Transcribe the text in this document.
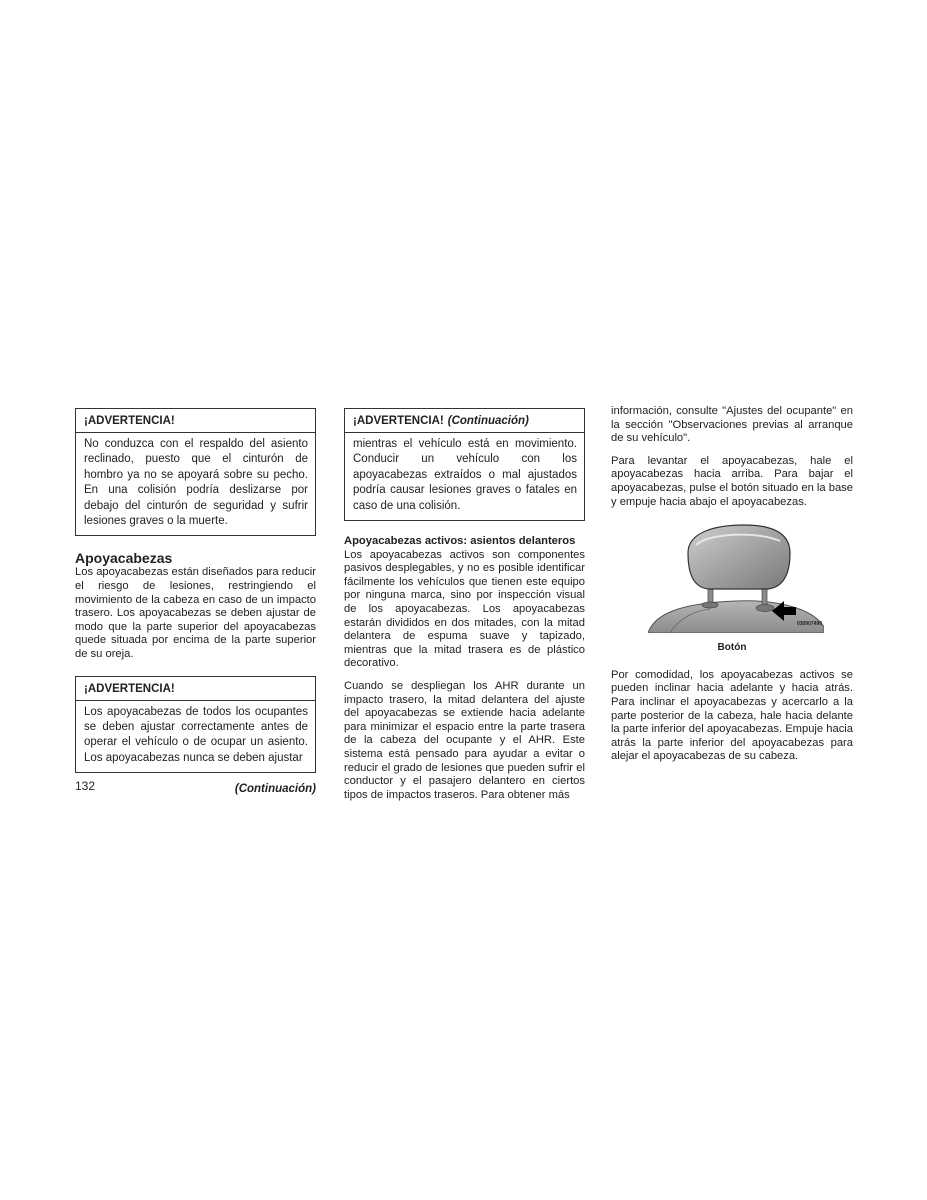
¡ADVERTENCIA!
No conduzca con el respaldo del asiento reclinado, puesto que el cinturón de hombro ya no se apoyará sobre su pecho. En una colisión podría deslizarse por debajo del cinturón de seguridad y sufrir lesiones graves o la muerte.
Apoyacabezas

Los apoyacabezas están diseñados para reducir el riesgo de lesiones, restringiendo el movimiento de la cabeza en caso de un impacto trasero. Los apoyacabezas se deben ajustar de modo que la parte superior del apoyacabezas quede situada por encima de la parte superior de su oreja.

¡ADVERTENCIA!
Los apoyacabezas de todos los ocupantes se deben ajustar correctamente antes de operar el vehículo o de ocupar un asiento. Los apoyacabezas nunca se deben ajustar
(Continuación)
132
¡ADVERTENCIA! (Continuación)
mientras el vehículo está en movimiento. Conducir un vehículo con los apoyacabezas extraídos o mal ajustados podría causar lesiones graves o fatales en caso de una colisión.
Apoyacabezas activos: asientos delanteros

Los apoyacabezas activos son componentes pasivos desplegables, y no es posible identificar fácilmente los vehículos que tienen este equipo por ninguna marca, sino por inspección visual de los apoyacabezas. Los apoyacabezas estarán divididos en dos mitades, con la mitad delantera de espuma suave y tapizado, mientras que la mitad trasera es de plástico decorativo.

Cuando se despliegan los AHR durante un impacto trasero, la mitad delantera del ajuste del apoyacabezas se extiende hacia adelante para minimizar el espacio entre la parte trasera de la cabeza del ocupante y el AHR. Este sistema está pensado para ayudar a evitar o reducir el grado de lesiones que pueden sufrir el conductor y el pasajero delantero en ciertos tipos de impactos traseros. Para obtener más

información, consulte "Ajustes del ocupante" en la sección "Observaciones previas al arranque de su vehículo".

Para levantar el apoyacabezas, hale el apoyacabezas hacia arriba. Para bajar el apoyacabezas, pulse el botón situado en la base y empuje hacia abajo el apoyacabezas.

030907490
Botón

Por comodidad, los apoyacabezas activos se pueden inclinar hacia adelante y hacia atrás. Para inclinar el apoyacabezas y acercarlo a la parte posterior de la cabeza, hale hacia delante la parte inferior del apoyacabezas. Empuje hacia atrás la parte inferior del apoyacabezas para alejar el apoyacabezas de su cabeza.
